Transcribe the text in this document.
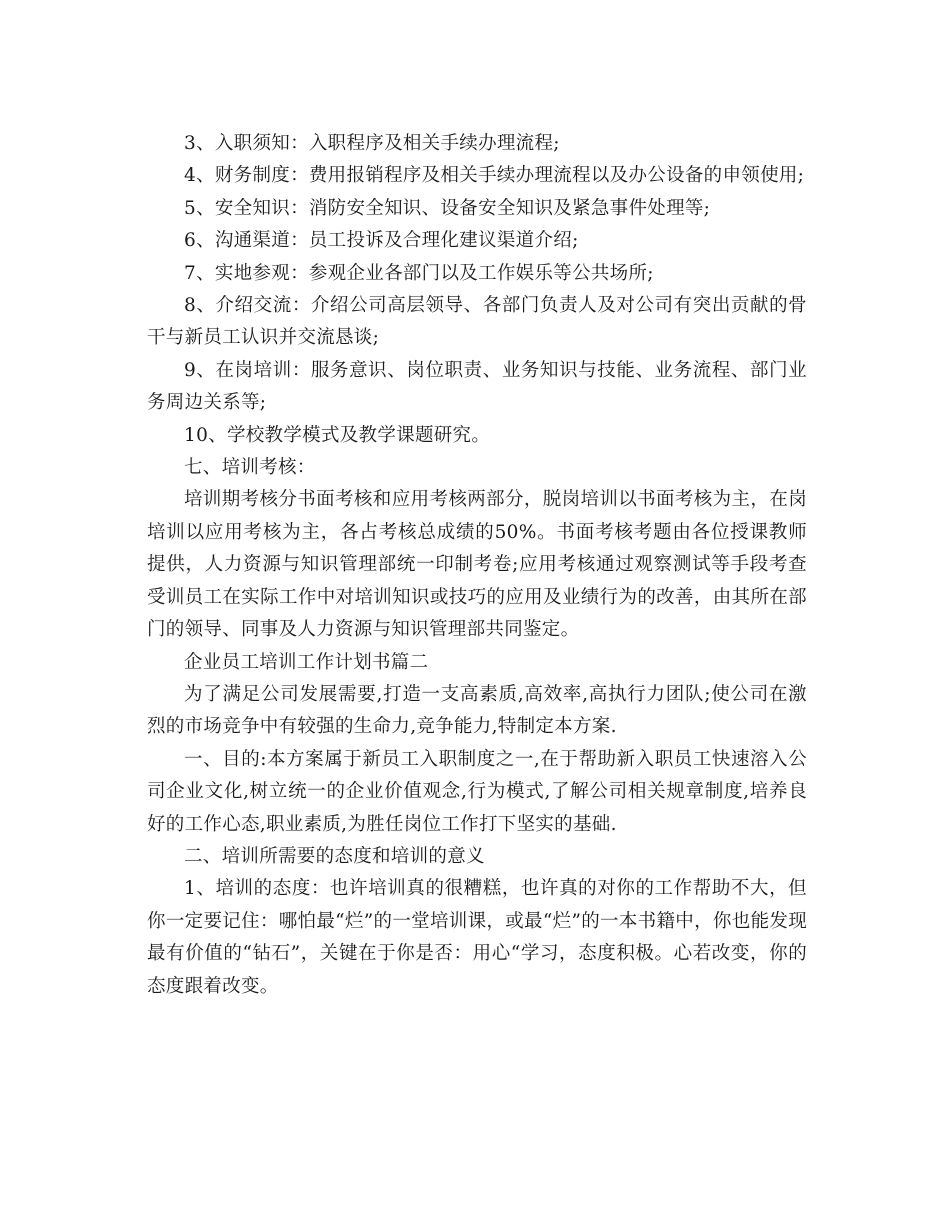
3、入职须知：入职程序及相关手续办理流程;

4、财务制度：费用报销程序及相关手续办理流程以及办公设备的申领使用;

5、安全知识：消防安全知识、设备安全知识及紧急事件处理等;

6、沟通渠道：员工投诉及合理化建议渠道介绍;

7、实地参观：参观企业各部门以及工作娱乐等公共场所;

8、介绍交流：介绍公司高层领导、各部门负责人及对公司有突出贡献的骨干与新员工认识并交流恳谈;

9、在岗培训：服务意识、岗位职责、业务知识与技能、业务流程、部门业务周边关系等;

10、学校教学模式及教学课题研究。

七、培训考核：

培训期考核分书面考核和应用考核两部分，脱岗培训以书面考核为主，在岗培训以应用考核为主，各占考核总成绩的50%。书面考核考题由各位授课教师提供，人力资源与知识管理部统一印制考卷;应用考核通过观察测试等手段考查受训员工在实际工作中对培训知识或技巧的应用及业绩行为的改善，由其所在部门的领导、同事及人力资源与知识管理部共同鉴定。

企业员工培训工作计划书篇二

为了满足公司发展需要,打造一支高素质,高效率,高执行力团队;使公司在激烈的市场竞争中有较强的生命力,竞争能力,特制定本方案.

一、目的:本方案属于新员工入职制度之一,在于帮助新入职员工快速溶入公司企业文化,树立统一的企业价值观念,行为模式,了解公司相关规章制度,培养良好的工作心态,职业素质,为胜任岗位工作打下坚实的基础.

二、培训所需要的态度和培训的意义

1、培训的态度：也许培训真的很糟糕，也许真的对你的工作帮助不大，但你一定要记住：哪怕最“烂”的一堂培训课，或最“烂”的一本书籍中，你也能发现最有价值的“钻石”，关键在于你是否：用心“学习，态度积极。心若改变，你的态度跟着改变。
